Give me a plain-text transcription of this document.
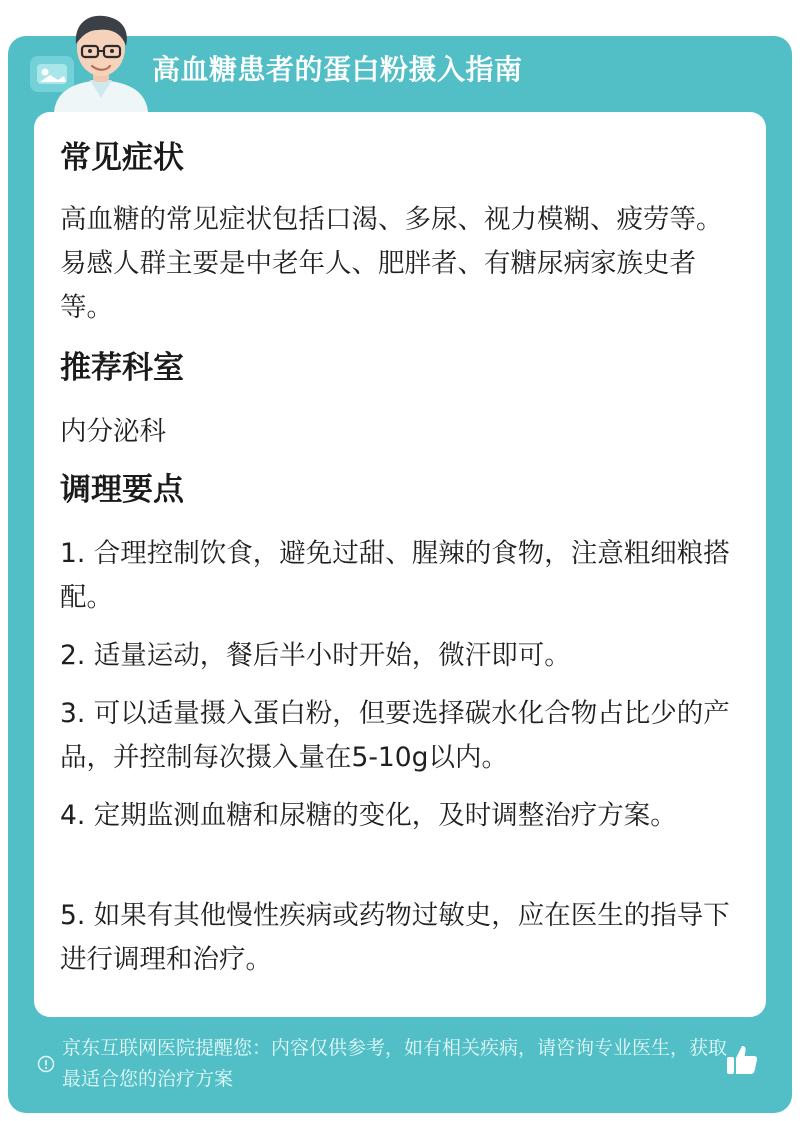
高血糖患者的蛋白粉摄入指南
常见症状
高血糖的常见症状包括口渴、多尿、视力模糊、疲劳等。易感人群主要是中老年人、肥胖者、有糖尿病家族史者等。
推荐科室
内分泌科
调理要点
1. 合理控制饮食，避免过甜、腥辣的食物，注意粗细粮搭配。
2. 适量运动，餐后半小时开始，微汗即可。
3. 可以适量摄入蛋白粉，但要选择碳水化合物占比少的产品，并控制每次摄入量在5-10g以内。
4. 定期监测血糖和尿糖的变化，及时调整治疗方案。
5. 如果有其他慢性疾病或药物过敏史，应在医生的指导下进行调理和治疗。
京东互联网医院提醒您：内容仅供参考，如有相关疾病，请咨询专业医生，获取最适合您的治疗方案
